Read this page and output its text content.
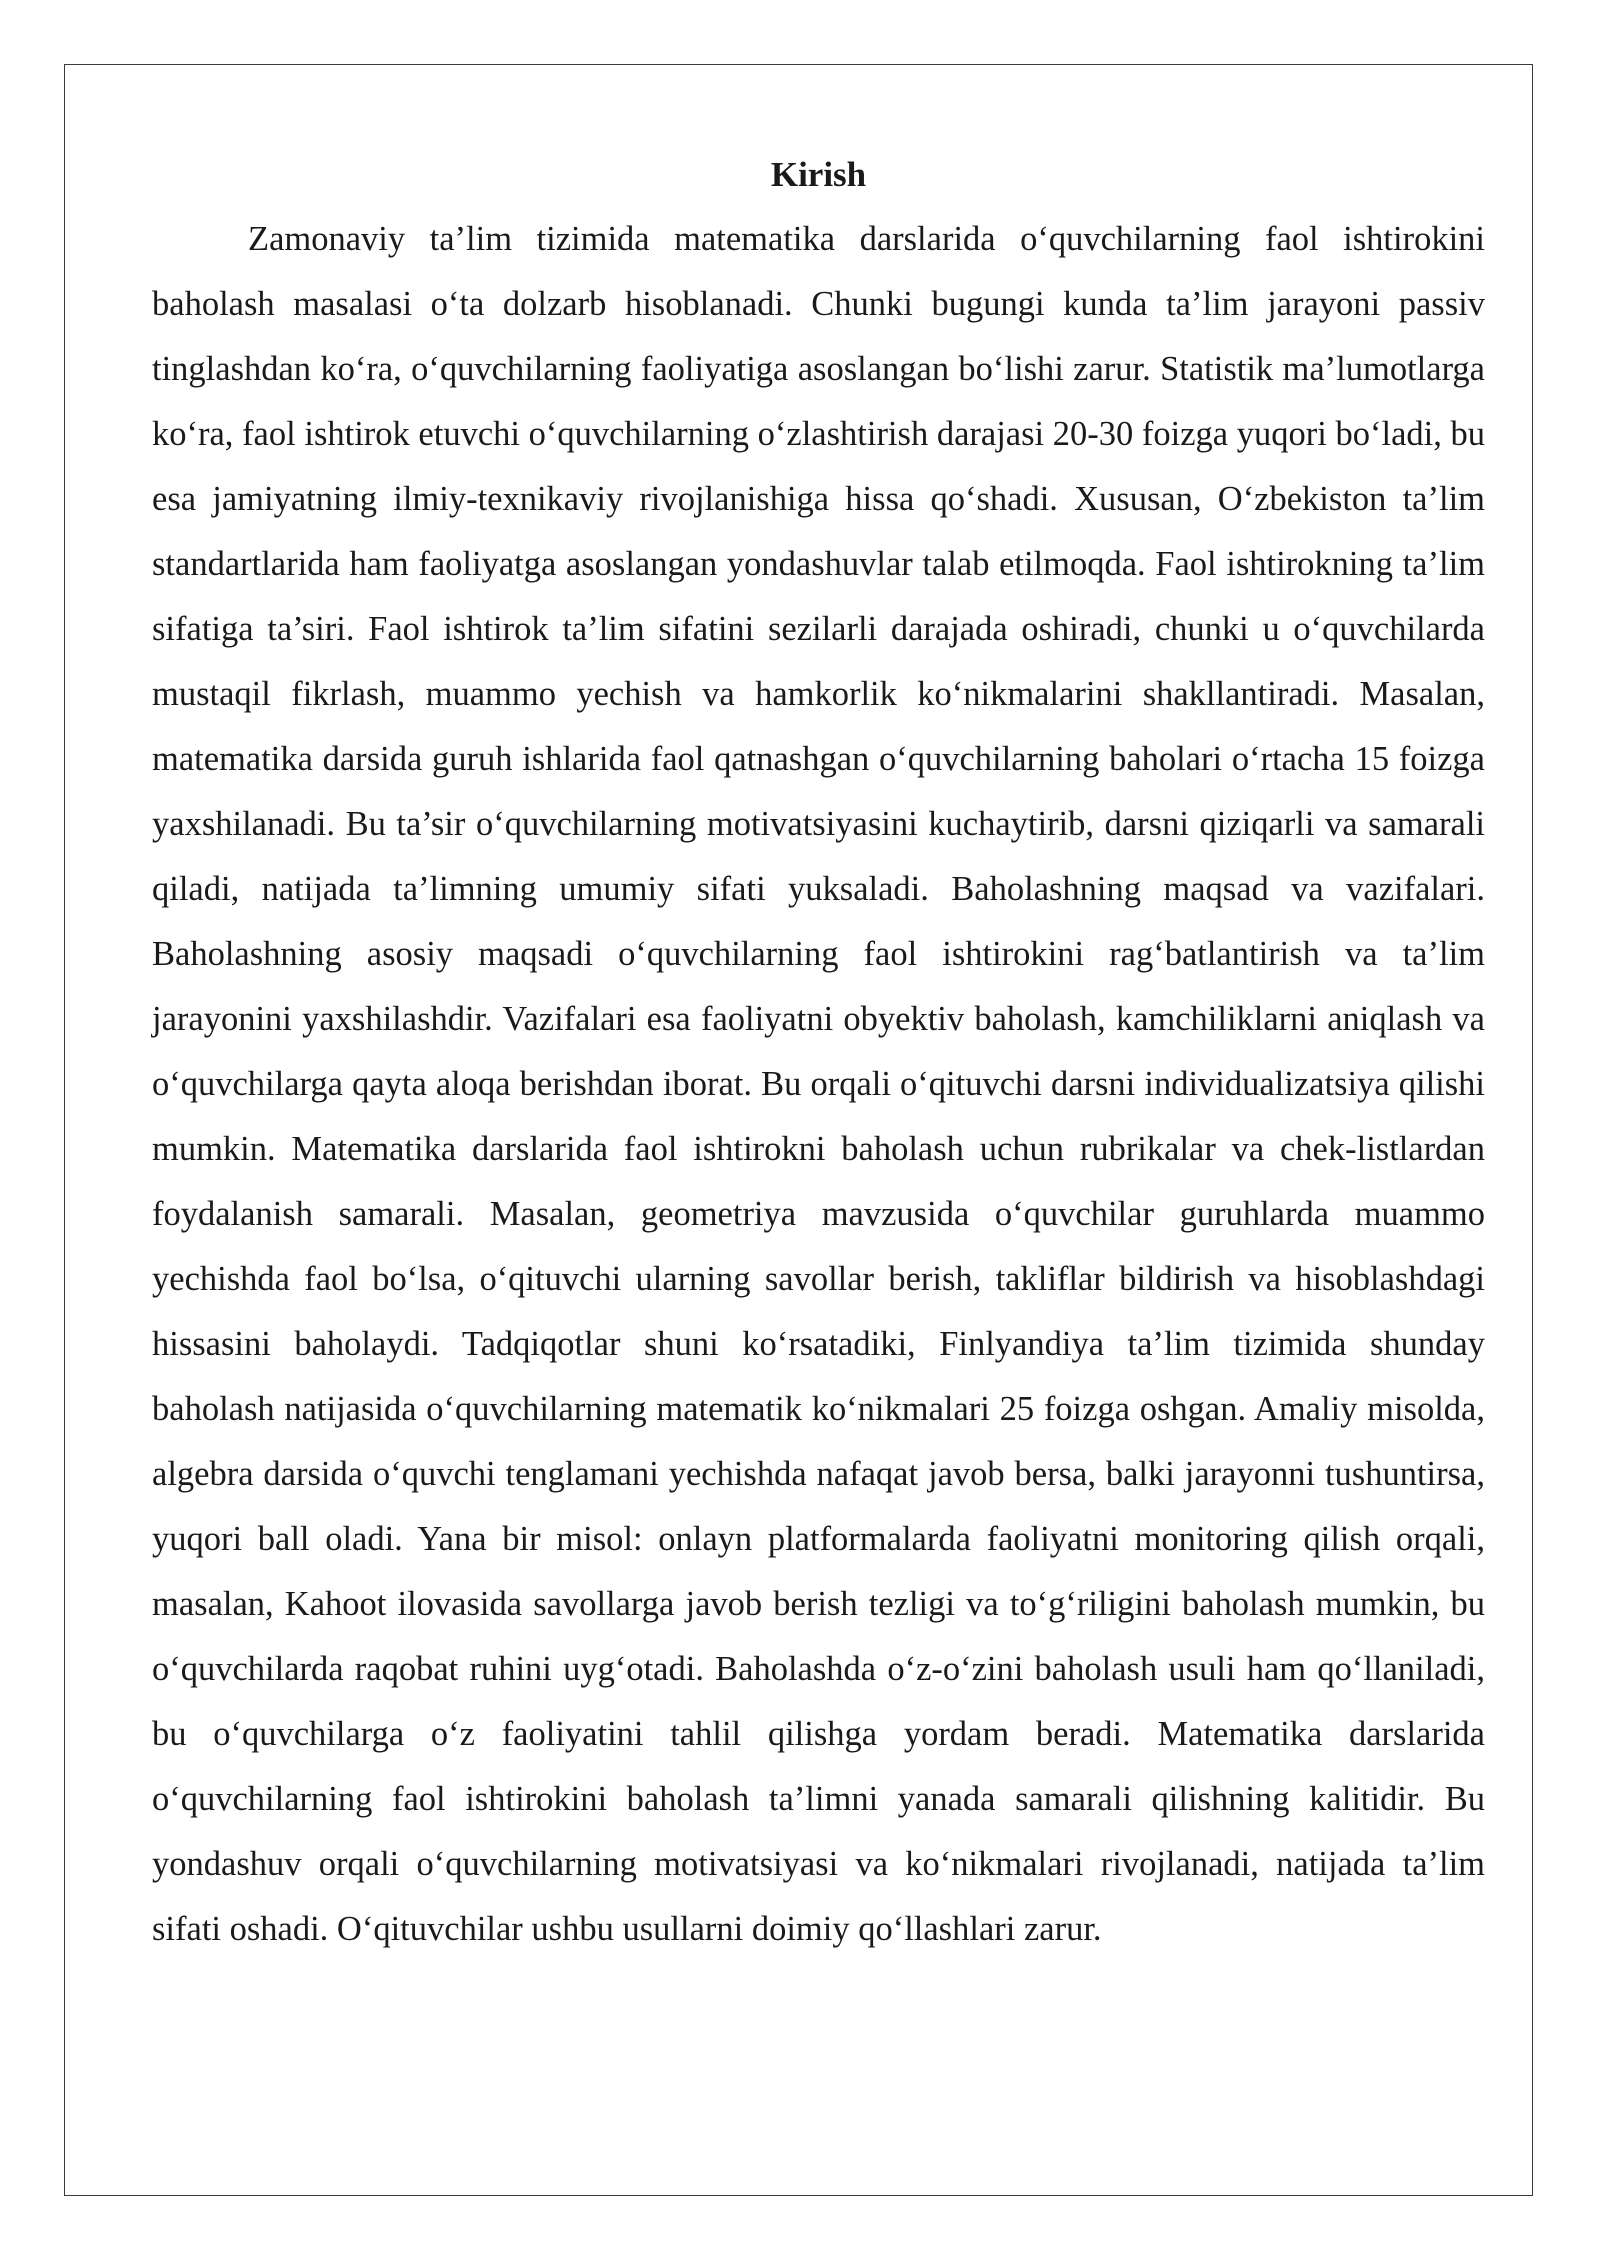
Kirish

Zamonaviy ta’lim tizimida matematika darslarida o‘quvchilarning faol ishtirokini baholash masalasi o‘ta dolzarb hisoblanadi. Chunki bugungi kunda ta’lim jarayoni passiv tinglashdan ko‘ra, o‘quvchilarning faoliyatiga asoslangan bo‘lishi zarur. Statistik ma’lumotlarga ko‘ra, faol ishtirok etuvchi o‘quvchilarning o‘zlashtirish darajasi 20-30 foizga yuqori bo‘ladi, bu esa jamiyatning ilmiy-texnikaviy rivojlanishiga hissa qo‘shadi. Xususan, O‘zbekiston ta’lim standartlarida ham faoliyatga asoslangan yondashuvlar talab etilmoqda. Faol ishtirokning ta’lim sifatiga ta’siri. Faol ishtirok ta’lim sifatini sezilarli darajada oshiradi, chunki u o‘quvchilarda mustaqil fikrlash, muammo yechish va hamkorlik ko‘nikmalarini shakllantiradi. Masalan, matematika darsida guruh ishlarida faol qatnashgan o‘quvchilarning baholari o‘rtacha 15 foizga yaxshilanadi. Bu ta’sir o‘quvchilarning motivatsiyasini kuchaytirib, darsni qiziqarli va samarali qiladi, natijada ta’limning umumiy sifati yuksaladi. Baholashning maqsad va vazifalari. Baholashning asosiy maqsadi o‘quvchilarning faol ishtirokini rag‘batlantirish va ta’lim jarayonini yaxshilashdir. Vazifalari esa faoliyatni obyektiv baholash, kamchiliklarni aniqlash va o‘quvchilarga qayta aloqa berishdan iborat. Bu orqali o‘qituvchi darsni individualizatsiya qilishi mumkin. Matematika darslarida faol ishtirokni baholash uchun rubrikalar va chek-listlardan foydalanish samarali. Masalan, geometriya mavzusida o‘quvchilar guruhlarda muammo yechishda faol bo‘lsa, o‘qituvchi ularning savollar berish, takliflar bildirish va hisoblashdagi hissasini baholaydi. Tadqiqotlar shuni ko‘rsatadiki, Finlyandiya ta’lim tizimida shunday baholash natijasida o‘quvchilarning matematik ko‘nikmalari 25 foizga oshgan. Amaliy misolda, algebra darsida o‘quvchi tenglamani yechishda nafaqat javob bersa, balki jarayonni tushuntirsa, yuqori ball oladi. Yana bir misol: onlayn platformalarda faoliyatni monitoring qilish orqali, masalan, Kahoot ilovasida savollarga javob berish tezligi va to‘g‘riligini baholash mumkin, bu o‘quvchilarda raqobat ruhini uyg‘otadi. Baholashda o‘z-o‘zini baholash usuli ham qo‘llaniladi, bu o‘quvchilarga o‘z faoliyatini tahlil qilishga yordam beradi. Matematika darslarida o‘quvchilarning faol ishtirokini baholash ta’limni yanada samarali qilishning kalitidir. Bu yondashuv orqali o‘quvchilarning motivatsiyasi va ko‘nikmalari rivojlanadi, natijada ta’lim sifati oshadi. O‘qituvchilar ushbu usullarni doimiy qo‘llashlari zarur.
